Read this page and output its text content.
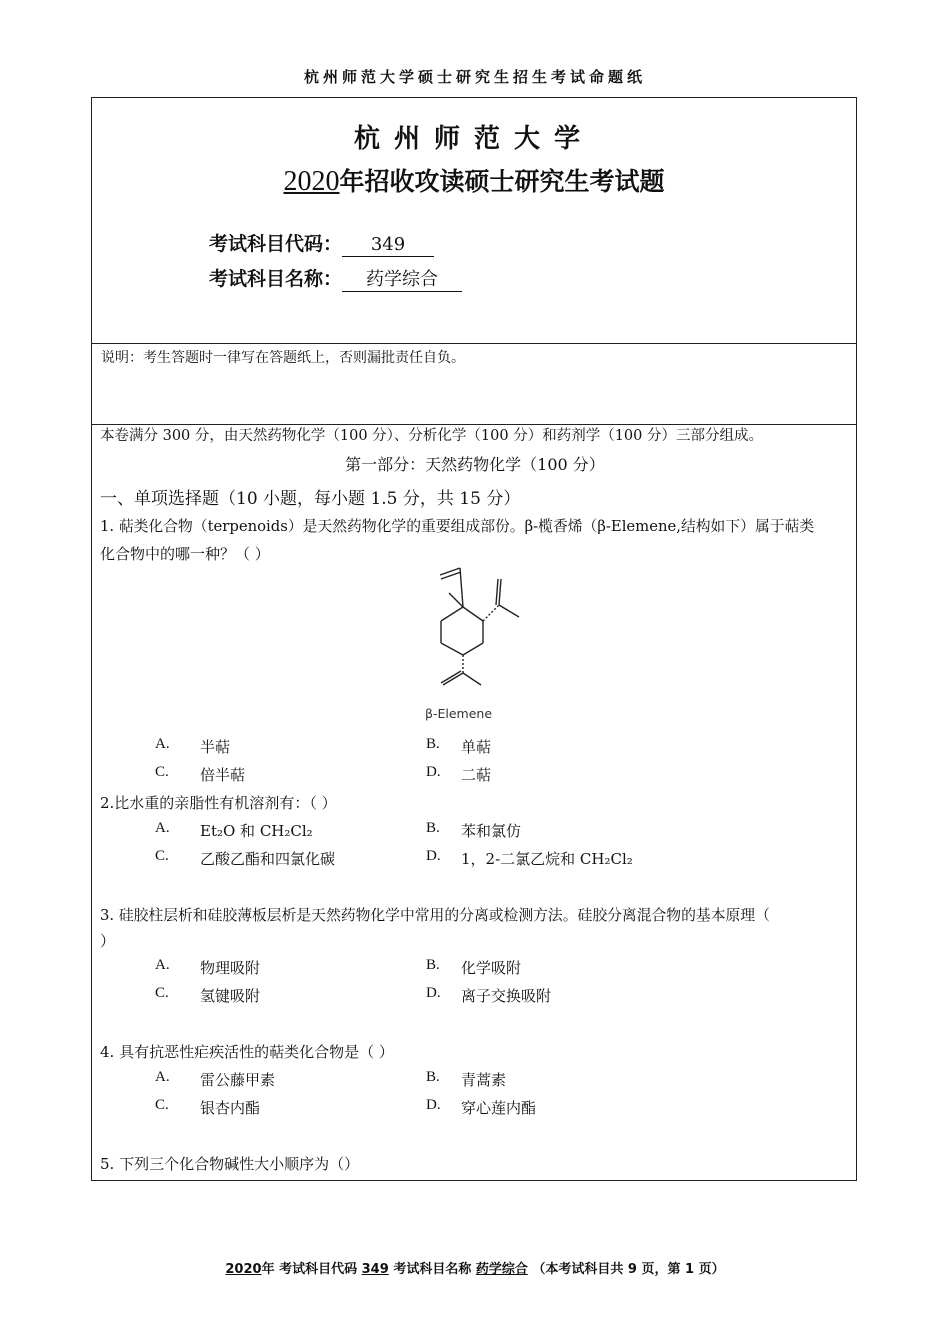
杭州师范大学硕士研究生招生考试命题纸
杭州师范大学
2020年招收攻读硕士研究生考试题
考试科目代码： 349
考试科目名称： 药学综合
说明：考生答题时一律写在答题纸上，否则漏批责任自负。
本卷满分 300 分，由天然药物化学（100 分）、分析化学（100 分）和药剂学（100 分）三部分组成。
第一部分：天然药物化学（100 分）
一、单项选择题（10 小题，每小题 1.5 分，共 15 分）
1. 萜类化合物（terpenoids）是天然药物化学的重要组成部份。β-榄香烯（β-Elemene,结构如下）属于萜类
化合物中的哪一种？（ ）
β-Elemene
A. 半萜	B. 单萜
C. 倍半萜	D. 二萜
2.比水重的亲脂性有机溶剂有：（ ）
A. Et₂O 和 CH₂Cl₂	B. 苯和氯仿
C. 乙酸乙酯和四氯化碳	D. 1，2-二氯乙烷和 CH₂Cl₂
3. 硅胶柱层析和硅胶薄板层析是天然药物化学中常用的分离或检测方法。硅胶分离混合物的基本原理（
）
A. 物理吸附	B. 化学吸附
C. 氢键吸附	D. 离子交换吸附
4. 具有抗恶性疟疾活性的萜类化合物是（ ）
A. 雷公藤甲素	B. 青蒿素
C. 银杏内酯	D. 穿心莲内酯
5. 下列三个化合物碱性大小顺序为（）
2020年 考试科目代码 349 考试科目名称 药学综合 （本考试科目共 9 页，第 1 页）
